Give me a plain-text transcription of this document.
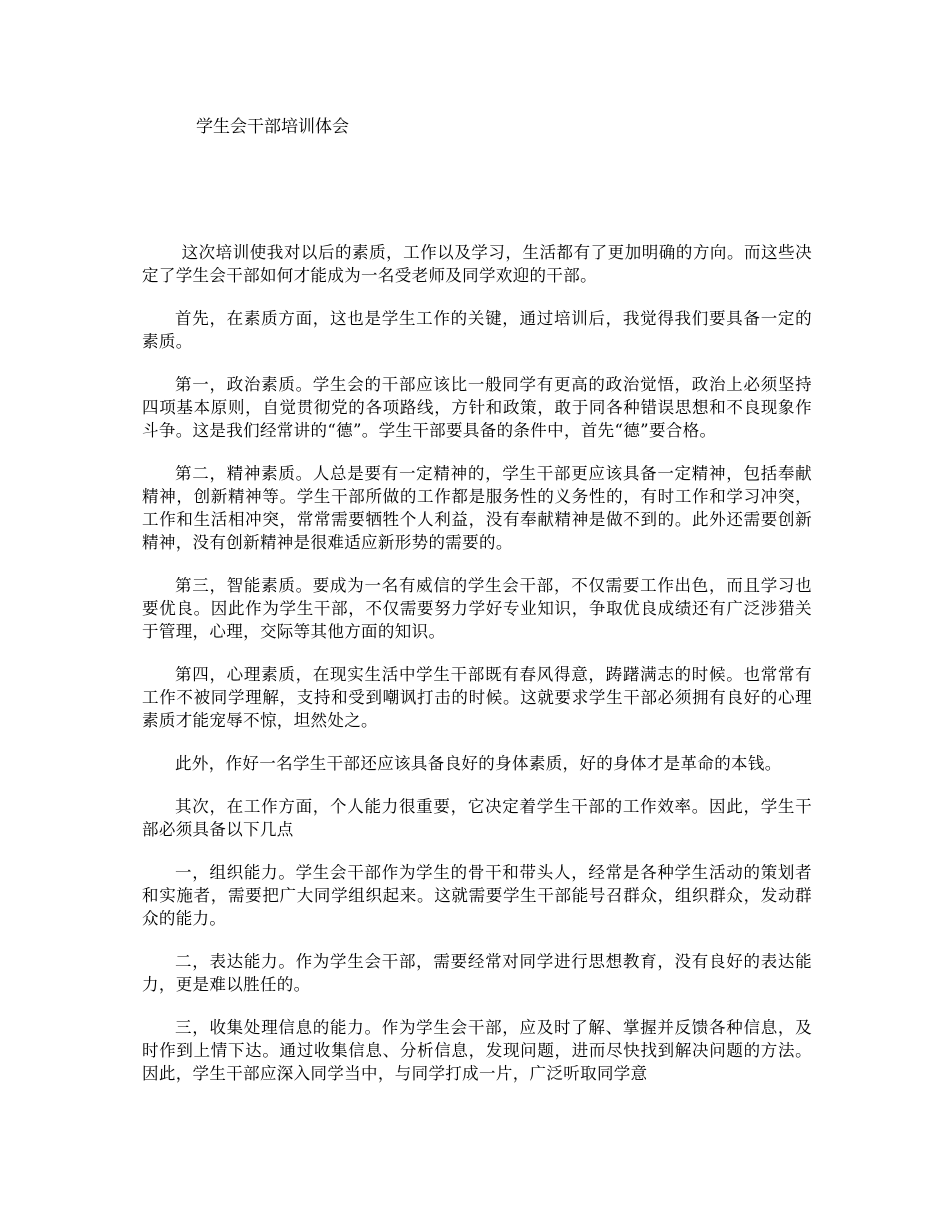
学生会干部培训体会

这次培训使我对以后的素质，工作以及学习，生活都有了更加明确的方向。而这些决定了学生会干部如何才能成为一名受老师及同学欢迎的干部。

首先，在素质方面，这也是学生工作的关键，通过培训后，我觉得我们要具备一定的素质。

第一，政治素质。学生会的干部应该比一般同学有更高的政治觉悟，政治上必须坚持四项基本原则，自觉贯彻党的各项路线，方针和政策，敢于同各种错误思想和不良现象作斗争。这是我们经常讲的“德”。学生干部要具备的条件中，首先“德”要合格。

第二，精神素质。人总是要有一定精神的，学生干部更应该具备一定精神，包括奉献精神，创新精神等。学生干部所做的工作都是服务性的义务性的，有时工作和学习冲突，工作和生活相冲突，常常需要牺牲个人利益，没有奉献精神是做不到的。此外还需要创新精神，没有创新精神是很难适应新形势的需要的。

第三，智能素质。要成为一名有威信的学生会干部，不仅需要工作出色，而且学习也要优良。因此作为学生干部，不仅需要努力学好专业知识，争取优良成绩还有广泛涉猎关于管理，心理，交际等其他方面的知识。

第四，心理素质，在现实生活中学生干部既有春风得意，踌躇满志的时候。也常常有工作不被同学理解，支持和受到嘲讽打击的时候。这就要求学生干部必须拥有良好的心理素质才能宠辱不惊，坦然处之。

此外，作好一名学生干部还应该具备良好的身体素质，好的身体才是革命的本钱。

其次，在工作方面，个人能力很重要，它决定着学生干部的工作效率。因此，学生干部必须具备以下几点

一，组织能力。学生会干部作为学生的骨干和带头人，经常是各种学生活动的策划者和实施者，需要把广大同学组织起来。这就需要学生干部能号召群众，组织群众，发动群众的能力。

二，表达能力。作为学生会干部，需要经常对同学进行思想教育，没有良好的表达能力，更是难以胜任的。

三，收集处理信息的能力。作为学生会干部，应及时了解、掌握并反馈各种信息，及时作到上情下达。通过收集信息、分析信息，发现问题，进而尽快找到解决问题的方法。因此，学生干部应深入同学当中，与同学打成一片，广泛听取同学意
